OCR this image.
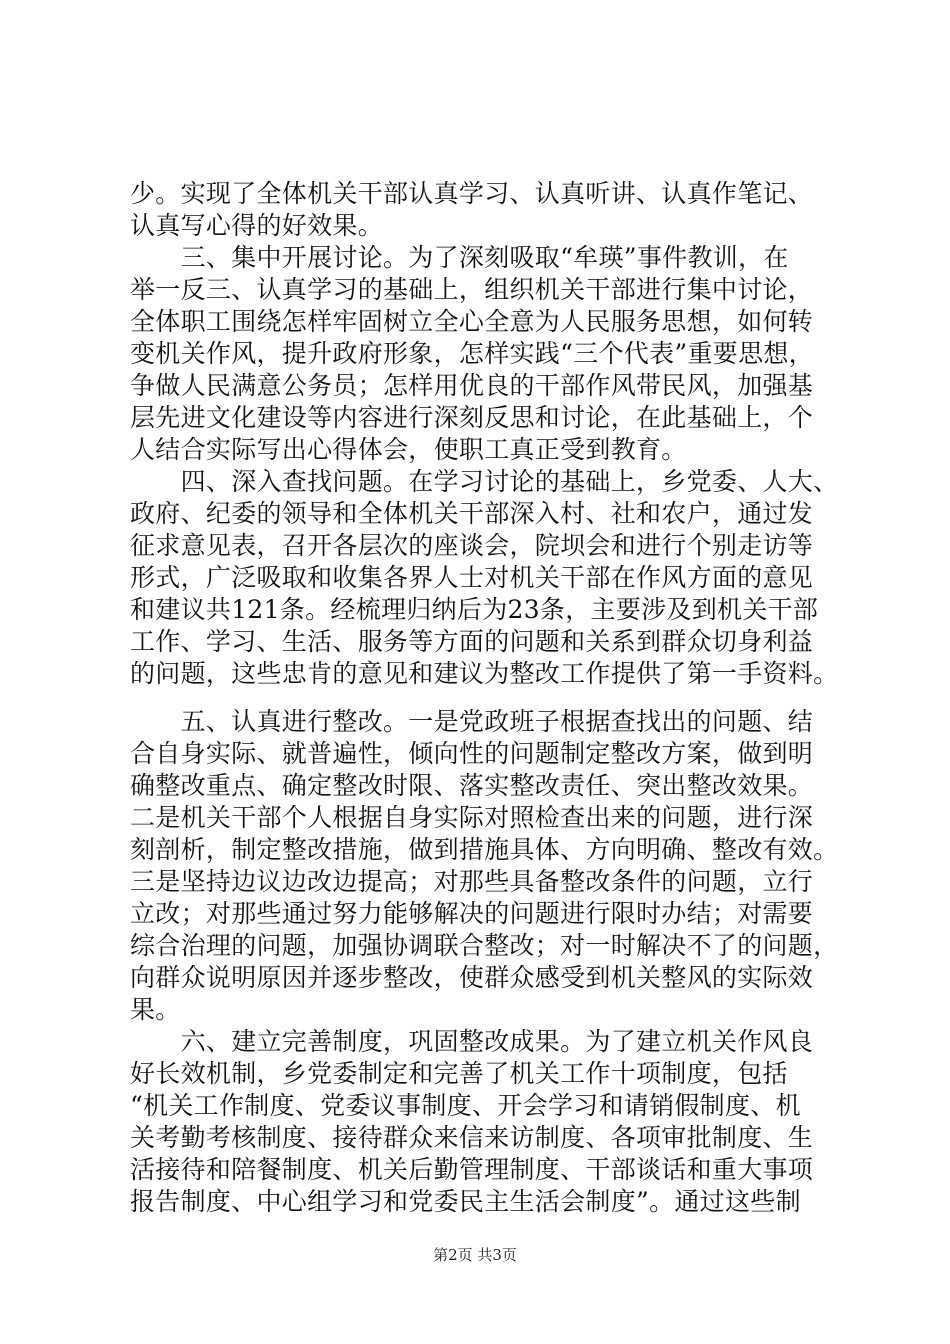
少。实现了全体机关干部认真学习、认真听讲、认真作笔记、
认真写心得的好效果。
　　三、集中开展讨论。为了深刻吸取“牟瑛”事件教训，在
举一反三、认真学习的基础上，组织机关干部进行集中讨论，
全体职工围绕怎样牢固树立全心全意为人民服务思想，如何转
变机关作风，提升政府形象，怎样实践“三个代表”重要思想，
争做人民满意公务员；怎样用优良的干部作风带民风，加强基
层先进文化建设等内容进行深刻反思和讨论，在此基础上，个
人结合实际写出心得体会，使职工真正受到教育。
　　四、深入查找问题。在学习讨论的基础上，乡党委、人大、
政府、纪委的领导和全体机关干部深入村、社和农户，通过发
征求意见表，召开各层次的座谈会，院坝会和进行个别走访等
形式，广泛吸取和收集各界人士对机关干部在作风方面的意见
和建议共121条。经梳理归纳后为23条，主要涉及到机关干部
工作、学习、生活、服务等方面的问题和关系到群众切身利益
的问题，这些忠肯的意见和建议为整改工作提供了第一手资料。
　　五、认真进行整改。一是党政班子根据查找出的问题、结
合自身实际、就普遍性，倾向性的问题制定整改方案，做到明
确整改重点、确定整改时限、落实整改责任、突出整改效果。
二是机关干部个人根据自身实际对照检查出来的问题，进行深
刻剖析，制定整改措施，做到措施具体、方向明确、整改有效。
三是坚持边议边改边提高；对那些具备整改条件的问题，立行
立改；对那些通过努力能够解决的问题进行限时办结；对需要
综合治理的问题，加强协调联合整改；对一时解决不了的问题，
向群众说明原因并逐步整改，使群众感受到机关整风的实际效
果。
　　六、建立完善制度，巩固整改成果。为了建立机关作风良
好长效机制，乡党委制定和完善了机关工作十项制度，包括
“机关工作制度、党委议事制度、开会学习和请销假制度、机
关考勤考核制度、接待群众来信来访制度、各项审批制度、生
活接待和陪餐制度、机关后勤管理制度、干部谈话和重大事项
报告制度、中心组学习和党委民主生活会制度”。通过这些制
第2页 共3页
